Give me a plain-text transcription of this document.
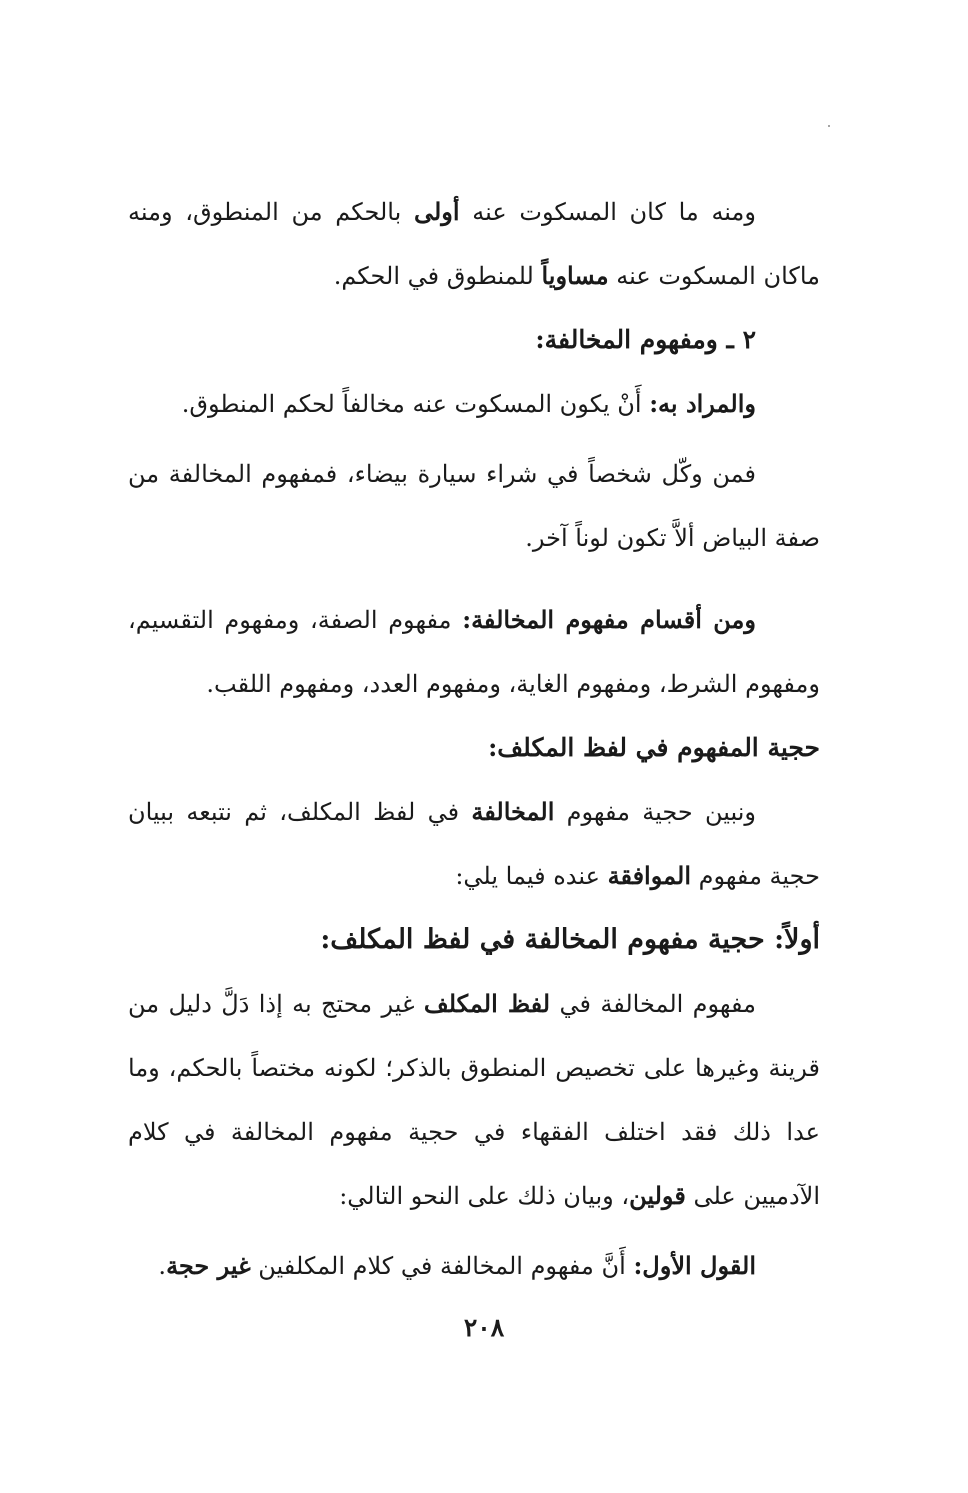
ومنه ما كان المسكوت عنه أولى بالحكم من المنطوق، ومنه ماكان المسكوت عنه مساوياً للمنطوق في الحكم.

٢ ـ ومفهوم المخالفة:

والمراد به: أَنْ يكون المسكوت عنه مخالفاً لحكم المنطوق.

فمن وكّل شخصاً في شراء سيارة بيضاء، فمفهوم المخالفة من صفة البياض ألاَّ تكون لوناً آخر.

ومن أقسام مفهوم المخالفة: مفهوم الصفة، ومفهوم التقسيم، ومفهوم الشرط، ومفهوم الغاية، ومفهوم العدد، ومفهوم اللقب.

حجية المفهوم في لفظ المكلف:

ونبين حجية مفهوم المخالفة في لفظ المكلف، ثم نتبعه ببيان حجية مفهوم الموافقة عنده فيما يلي:

أولاً: حجية مفهوم المخالفة في لفظ المكلف:

مفهوم المخالفة في لفظ المكلف غير محتج به إذا دَلَّ دليل من قرينة وغيرها على تخصيص المنطوق بالذكر؛ لكونه مختصاً بالحكم، وما عدا ذلك فقد اختلف الفقهاء في حجية مفهوم المخالفة في كلام الآدميين على قولين، وبيان ذلك على النحو التالي:

القول الأول: أَنَّ مفهوم المخالفة في كلام المكلفين غير حجة.

٢٠٨
